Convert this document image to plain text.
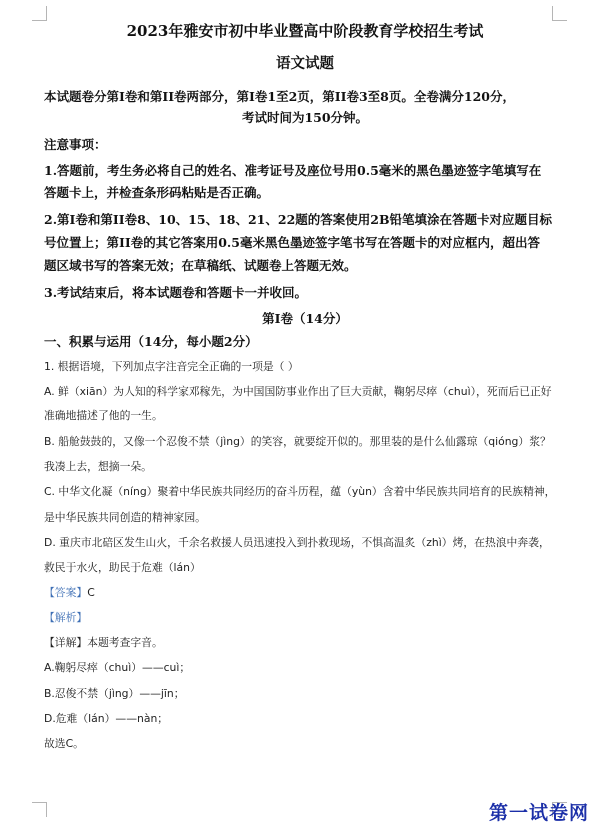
2023年雅安市初中毕业暨高中阶段教育学校招生考试
语文试题
本试题卷分第Ⅰ卷和第II卷两部分，第Ⅰ卷1至2页，第II卷3至8页。全卷满分120分，
考试时间为150分钟。
注意事项：
1.答题前，考生务必将自己的姓名、准考证号及座位号用0.5毫米的黑色墨迹签字笔填写在
答题卡上，并检查条形码粘贴是否正确。
2.第Ⅰ卷和第II卷8、10、15、18、21、22题的答案使用2B铅笔填涂在答题卡对应题目标
号位置上；第II卷的其它答案用0.5毫米黑色墨迹签字笔书写在答题卡的对应框内，超出答
题区域书写的答案无效；在草稿纸、试题卷上答题无效。
3.考试结束后，将本试题卷和答题卡一并收回。
第Ⅰ卷（14分）
一、积累与运用（14分，每小题2分）
1. 根据语境，下列加点字注音完全正确的一项是（ ）
A. 鲜（xiān）为人知的科学家邓稼先，为中国国防事业作出了巨大贡献，鞠躬尽瘁（chuì），死而后已正好
准确地描述了他的一生。
B. 船舱鼓鼓的，又像一个忍俊不禁（jìng）的笑容，就要绽开似的。那里装的是什么仙露琼（qióng）浆？
我凑上去，想摘一朵。
C. 中华文化凝（níng）聚着中华民族共同经历的奋斗历程，蕴（yùn）含着中华民族共同培育的民族精神，
是中华民族共同创造的精神家园。
D. 重庆市北碚区发生山火，千余名救援人员迅速投入到扑救现场，不惧高温炙（zhì）烤，在热浪中奔袭，
救民于水火，助民于危难（lán）
【答案】C
【解析】
【详解】本题考查字音。
A.鞠躬尽瘁（chuì）——cuì；
B.忍俊不禁（jìng）——jīn；
D.危难（lán）——nàn；
故选C。
第一试卷网
